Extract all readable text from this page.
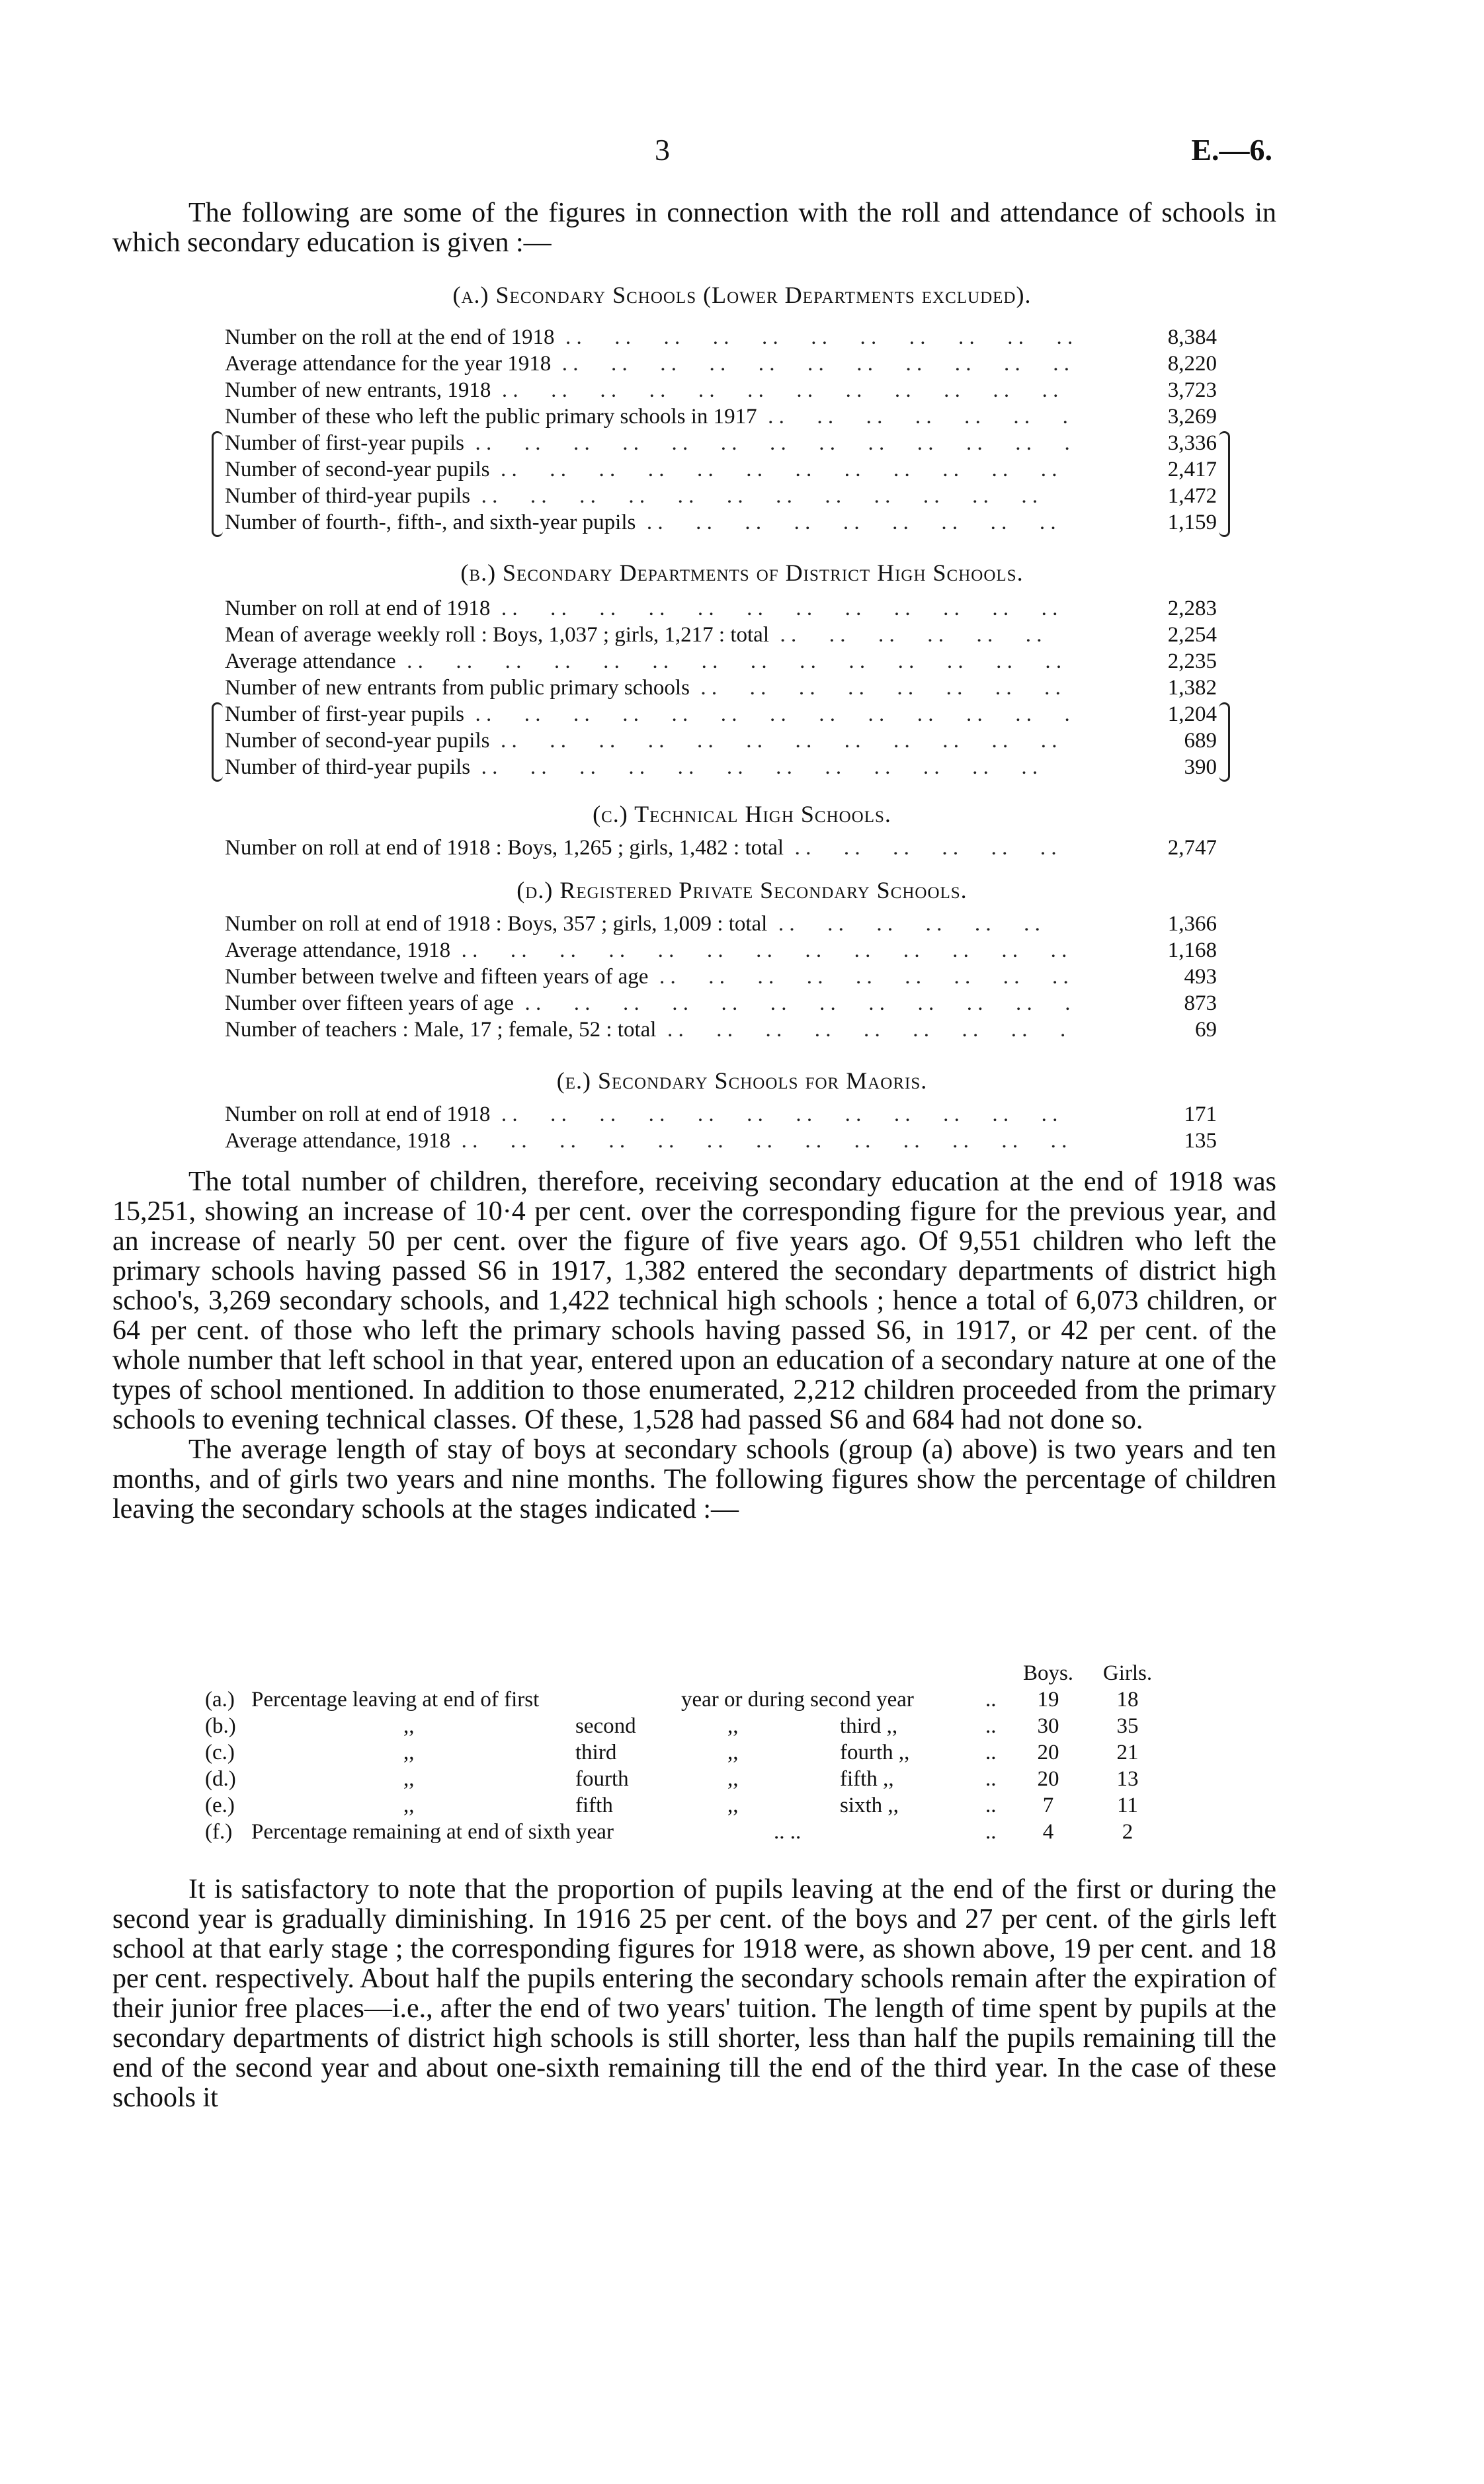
3	E.—6.
The following are some of the figures in connection with the roll and attendance of schools in which secondary education is given :—
(a.) Secondary Schools (Lower Departments excluded).
Number on the roll at the end of 1918 . .	8,384
Average attendance for the year 1918 . .	8,220
Number of new entrants, 1918 . .	3,723
Number of these who left the public primary schools in 1917 . .	3,269
Number of first-year pupils . .	3,336
Number of second-year pupils . .	2,417
Number of third-year pupils . .	1,472
Number of fourth-, fifth-, and sixth-year pupils . .	1,159
(b.) Secondary Departments of District High Schools.
Number on roll at end of 1918 . .	2,283
Mean of average weekly roll : Boys, 1,037 ; girls, 1,217 : total . .	2,254
Average attendance . .	2,235
Number of new entrants from public primary schools . .	1,382
Number of first-year pupils . .	1,204
Number of second-year pupils . .	689
Number of third-year pupils . .	390
(c.) Technical High Schools.
Number on roll at end of 1918 : Boys, 1,265 ; girls, 1,482 : total . .	2,747
(d.) Registered Private Secondary Schools.
Number on roll at end of 1918 : Boys, 357 ; girls, 1,009 : total . .	1,366
Average attendance, 1918 . .	1,168
Number between twelve and fifteen years of age . .	493
Number over fifteen years of age . .	873
Number of teachers : Male, 17 ; female, 52 : total . .	69
(e.) Secondary Schools for Maoris.
Number on roll at end of 1918 . .	171
Average attendance, 1918 . .	135

The total number of children, therefore, receiving secondary education at the end of 1918 was 15,251, showing an increase of 10·4 per cent. over the corresponding figure for the previous year, and an increase of nearly 50 per cent. over the figure of five years ago. Of 9,551 children who left the primary schools having passed S6 in 1917, 1,382 entered the secondary departments of district high schoo's, 3,269 secondary schools, and 1,422 technical high schools ; hence a total of 6,073 children, or 64 per cent. of those who left the primary schools having passed S6, in 1917, or 42 per cent. of the whole number that left school in that year, entered upon an education of a secondary nature at one of the types of school mentioned. In addition to those enumerated, 2,212 children proceeded from the primary schools to evening technical classes. Of these, 1,528 had passed S6 and 684 had not done so.

The average length of stay of boys at secondary schools (group (a) above) is two years and ten months, and of girls two years and nine months. The following figures show the percentage of children leaving the secondary schools at the stages indicated :—

Boys. Girls.
(a.) Percentage leaving at end of first	year or during second year	..	19	18
(b.)	,,	second	,,	third ,,	..	30	35
(c.)	,,	third	,,	fourth ,,	..	20	21
(d.)	,,	fourth	,,	fifth ,,	..	20	13
(e.)	,,	fifth	,,	sixth ,,	..	7	11
(f.) Percentage remaining at end of sixth year	.. ..	..	4	2

It is satisfactory to note that the proportion of pupils leaving at the end of the first or during the second year is gradually diminishing. In 1916 25 per cent. of the boys and 27 per cent. of the girls left school at that early stage ; the corresponding figures for 1918 were, as shown above, 19 per cent. and 18 per cent. respectively. About half the pupils entering the secondary schools remain after the expiration of their junior free places—i.e., after the end of two years' tuition. The length of time spent by pupils at the secondary departments of district high schools is still shorter, less than half the pupils remaining till the end of the second year and about one-sixth remaining till the end of the third year. In the case of these schools it
